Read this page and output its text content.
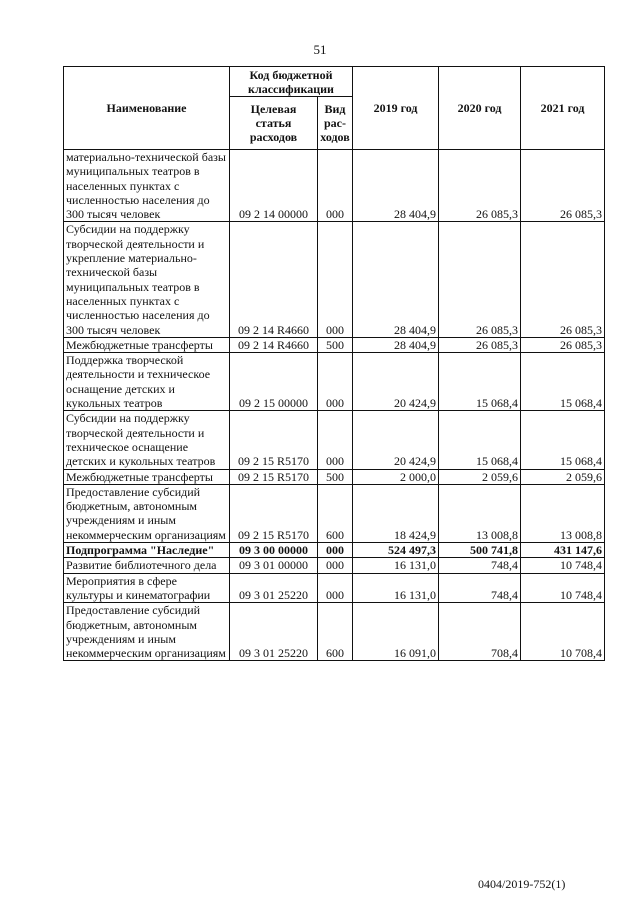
51
Наименование	Код бюджетной классификации		2019 год	2020 год	2021 год
	Целевая статья расходов	Вид рас-ходов			
материально-технической базы муниципальных театров в населенных пунктах с численностью населения до 300 тысяч человек	09 2 14 00000	000	28 404,9	26 085,3	26 085,3
Субсидии на поддержку творческой деятельности и укрепление материально-технической базы муниципальных театров в населенных пунктах с численностью населения до 300 тысяч человек	09 2 14 R4660	000	28 404,9	26 085,3	26 085,3
Межбюджетные трансферты	09 2 14 R4660	500	28 404,9	26 085,3	26 085,3
Поддержка творческой деятельности и техническое оснащение детских и кукольных театров	09 2 15 00000	000	20 424,9	15 068,4	15 068,4
Субсидии на поддержку творческой деятельности и техническое оснащение детских и кукольных театров	09 2 15 R5170	000	20 424,9	15 068,4	15 068,4
Межбюджетные трансферты	09 2 15 R5170	500	2 000,0	2 059,6	2 059,6
Предоставление субсидий бюджетным, автономным учреждениям и иным некоммерческим организациям	09 2 15 R5170	600	18 424,9	13 008,8	13 008,8
Подпрограмма "Наследие"	09 3 00 00000	000	524 497,3	500 741,8	431 147,6
Развитие библиотечного дела	09 3 01 00000	000	16 131,0	748,4	10 748,4
Мероприятия в сфере культуры и кинематографии	09 3 01 25220	000	16 131,0	748,4	10 748,4
Предоставление субсидий бюджетным, автономным учреждениям и иным некоммерческим организациям	09 3 01 25220	600	16 091,0	708,4	10 708,4
0404/2019-752(1)
